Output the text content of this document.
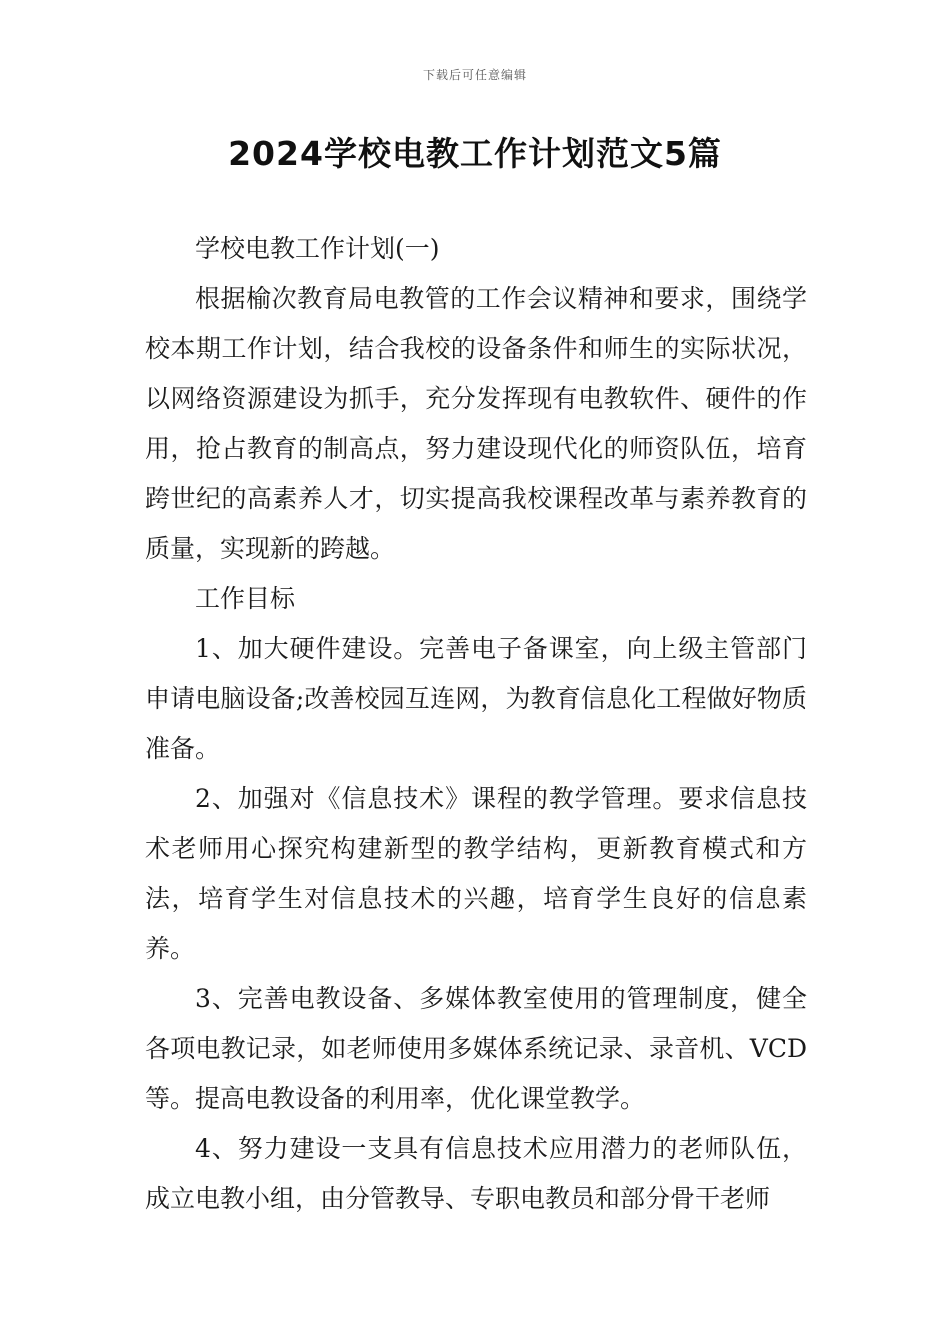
下载后可任意编辑
2024学校电教工作计划范文5篇

学校电教工作计划(一)

根据榆次教育局电教管的工作会议精神和要求，围绕学校本期工作计划，结合我校的设备条件和师生的实际状况，以网络资源建设为抓手，充分发挥现有电教软件、硬件的作用，抢占教育的制高点，努力建设现代化的师资队伍，培育跨世纪的高素养人才，切实提高我校课程改革与素养教育的质量，实现新的跨越。

工作目标

1、加大硬件建设。完善电子备课室，向上级主管部门申请电脑设备;改善校园互连网，为教育信息化工程做好物质准备。

2、加强对《信息技术》课程的教学管理。要求信息技术老师用心探究构建新型的教学结构，更新教育模式和方法，培育学生对信息技术的兴趣，培育学生良好的信息素养。

3、完善电教设备、多媒体教室使用的管理制度，健全各项电教记录，如老师使用多媒体系统记录、录音机、VCD等。提高电教设备的利用率，优化课堂教学。

4、努力建设一支具有信息技术应用潜力的老师队伍，成立电教小组，由分管教导、专职电教员和部分骨干老师
